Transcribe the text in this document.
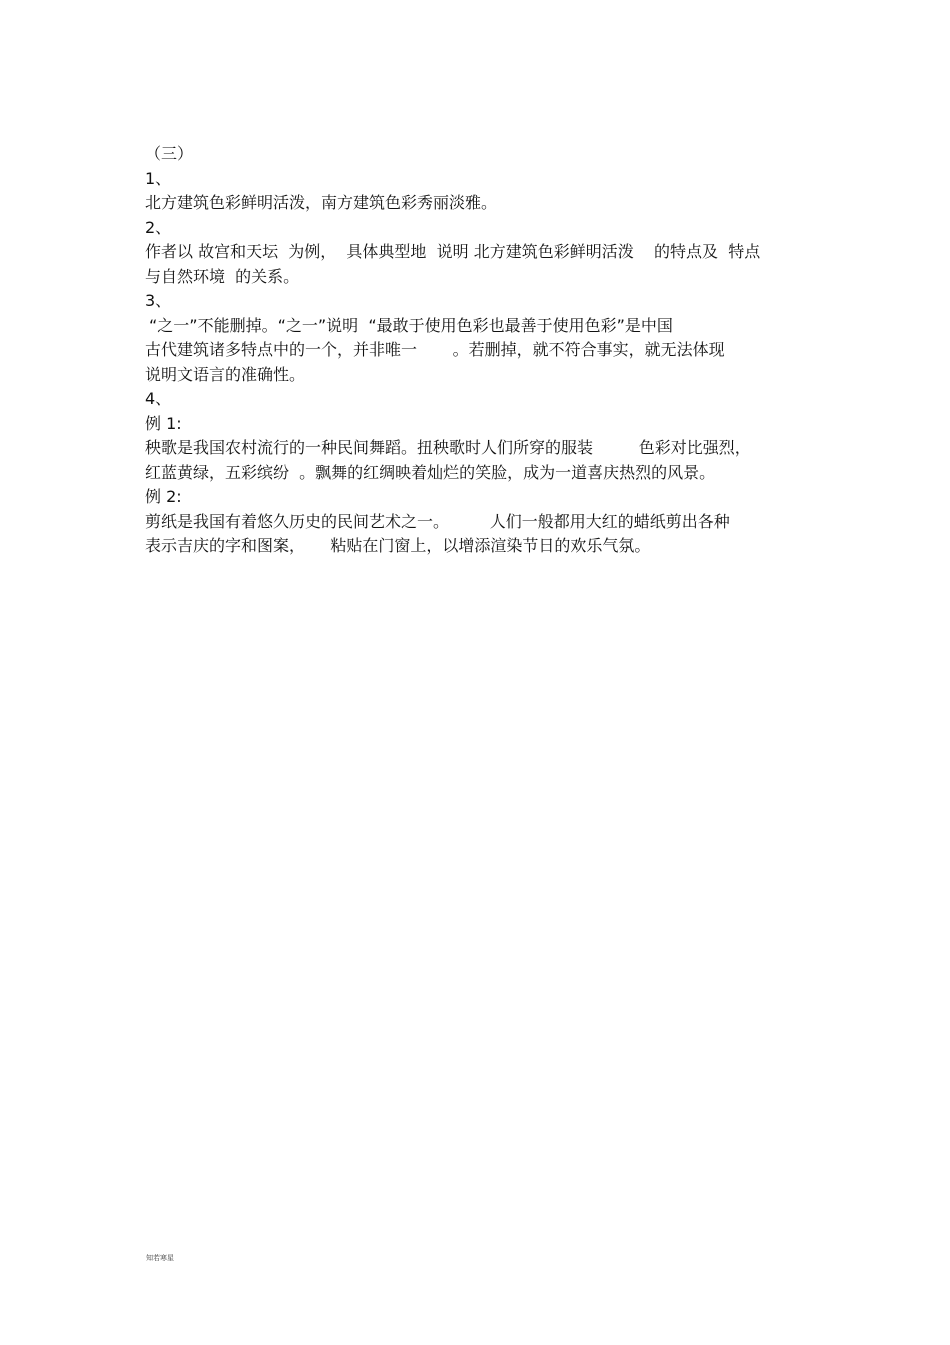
（三）
1、
北方建筑色彩鲜明活泼，南方建筑色彩秀丽淡雅。
2、
作者以 故宫和天坛  为例，  具体典型地  说明 北方建筑色彩鲜明活泼    的特点及  特点
与自然环境  的关系。
3、
“之一”不能删掉。“之一”说明  “最敢于使用色彩也最善于使用色彩”是中国
古代建筑诸多特点中的一个，并非唯一       。若删掉，就不符合事实，就无法体现
说明文语言的准确性。
4、
例 1:
秧歌是我国农村流行的一种民间舞蹈。扭秧歌时人们所穿的服装         色彩对比强烈，
红蓝黄绿，五彩缤纷  。飘舞的红绸映着灿烂的笑脸，成为一道喜庆热烈的风景。
例 2:
剪纸是我国有着悠久历史的民间艺术之一。        人们一般都用大红的蜡纸剪出各种
表示吉庆的字和图案，     粘贴在门窗上，以增添渲染节日的欢乐气氛。
知若寒星
